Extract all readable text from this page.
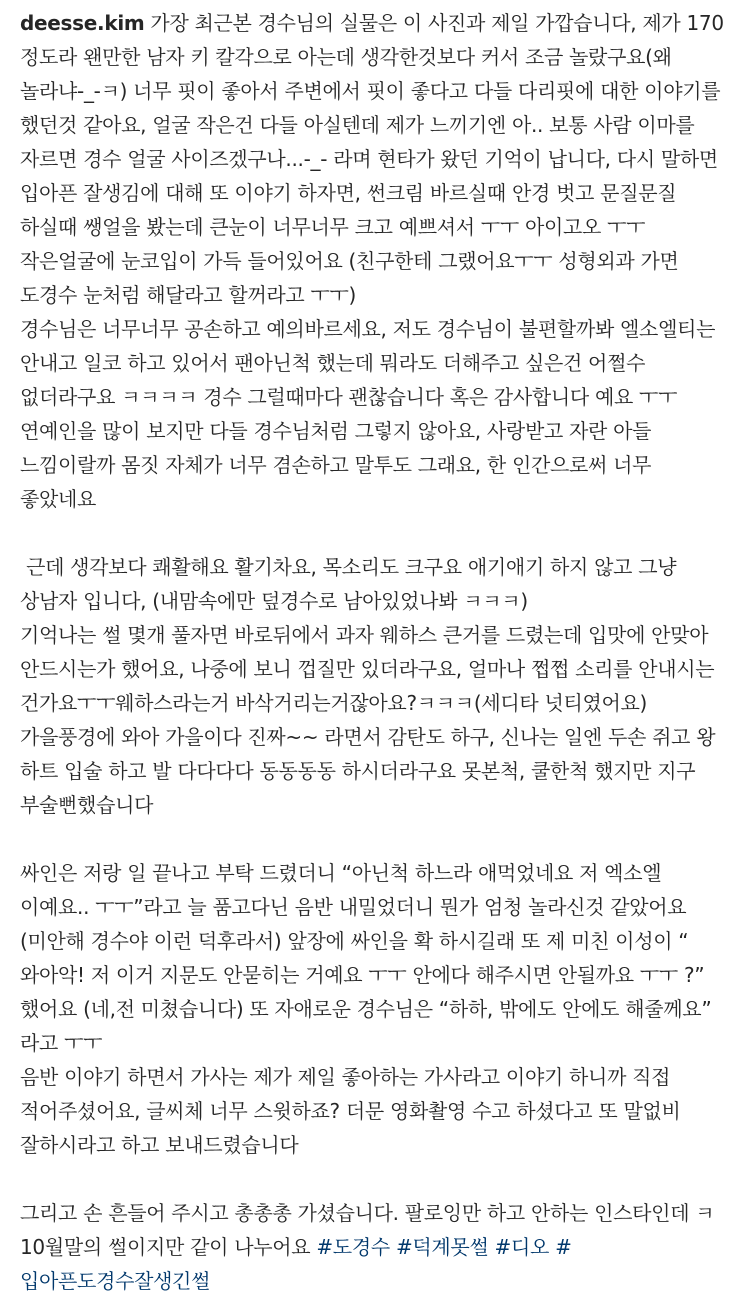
deesse.kim 가장 최근본 경수님의 실물은 이 사진과 제일 가깝습니다, 제가 170 정도라 왠만한 남자 키 칼각으로 아는데 생각한것보다 커서 조금 놀랐구요(왜 놀라냐-_-ㅋ) 너무 핏이 좋아서 주변에서 핏이 좋다고 다들 다리핏에 대한 이야기를 했던것 같아요, 얼굴 작은건 다들 아실텐데 제가 느끼기엔 아.. 보통 사람 이마를 자르면 경수 얼굴 사이즈겠구나...-_- 라며 현타가 왔던 기억이 납니다, 다시 말하면 입아픈 잘생김에 대해 또 이야기 하자면, 썬크림 바르실때 안경 벗고 문질문질 하실때 쌩얼을 봤는데 큰눈이 너무너무 크고 예쁘셔서 ㅜㅜ 아이고오 ㅜㅜ 작은얼굴에 눈코입이 가득 들어있어요 (친구한테 그랬어요ㅜㅜ 성형외과 가면 도경수 눈처럼 해달라고 할꺼라고 ㅜㅜ)

경수님은 너무너무 공손하고 예의바르세요, 저도 경수님이 불편할까봐 엘소엘티는 안내고 일코 하고 있어서 팬아닌척 했는데 뭐라도 더해주고 싶은건 어쩔수 없더라구요 ㅋㅋㅋㅋ 경수 그럴때마다 괜찮습니다 혹은 감사합니다 예요 ㅜㅜ 연예인을 많이 보지만 다들 경수님처럼 그렇지 않아요, 사랑받고 자란 아들 느낌이랄까 몸짓 자체가 너무 겸손하고 말투도 그래요, 한 인간으로써 너무 좋았네요

근데 생각보다 쾌활해요 활기차요, 목소리도 크구요 애기애기 하지 않고 그냥 상남자 입니다, (내맘속에만 덮경수로 남아있었나봐 ㅋㅋㅋ)

기억나는 썰 몇개 풀자면 바로뒤에서 과자 웨하스 큰거를 드렸는데 입맛에 안맞아 안드시는가 했어요, 나중에 보니 껍질만 있더라구요, 얼마나 쩝쩝 소리를 안내시는 건가요ㅜㅜ웨하스라는거 바삭거리는거잖아요?ㅋㅋㅋ(세디타 넛티였어요)

가을풍경에 와아 가을이다 진짜~~ 라면서 감탄도 하구, 신나는 일엔 두손 쥐고 왕 하트 입술 하고 발 다다다다 동동동동 하시더라구요 못본척, 쿨한척 했지만 지구 부술뻔했습니다

싸인은 저랑 일 끝나고 부탁 드렸더니 “아닌척 하느라 애먹었네요 저 엑소엘 이예요.. ㅜㅜ”라고 늘 품고다닌 음반 내밀었더니 뭔가 엄청 놀라신것 같았어요(미안해 경수야 이런 덕후라서) 앞장에 싸인을 확 하시길래 또 제 미친 이성이 “ 와아악! 저 이거 지문도 안묻히는 거예요 ㅜㅜ 안에다 해주시면 안될까요 ㅜㅜ ?” 했어요 (네,전 미쳤습니다) 또 자애로운 경수님은 “하하, 밖에도 안에도 해줄께요” 라고 ㅜㅜ

음반 이야기 하면서 가사는 제가 제일 좋아하는 가사라고 이야기 하니까 직접 적어주셨어요, 글씨체 너무 스윗하죠? 더문 영화촬영 수고 하셨다고 또 말없비 잘하시라고 하고 보내드렸습니다

그리고 손 흔들어 주시고 총총총 가셨습니다. 팔로잉만 하고 안하는 인스타인데 ㅋ 10월말의 썰이지만 같이 나누어요 #도경수 #덕계못썰 #디오 #입아픈도경수잘생긴썰
